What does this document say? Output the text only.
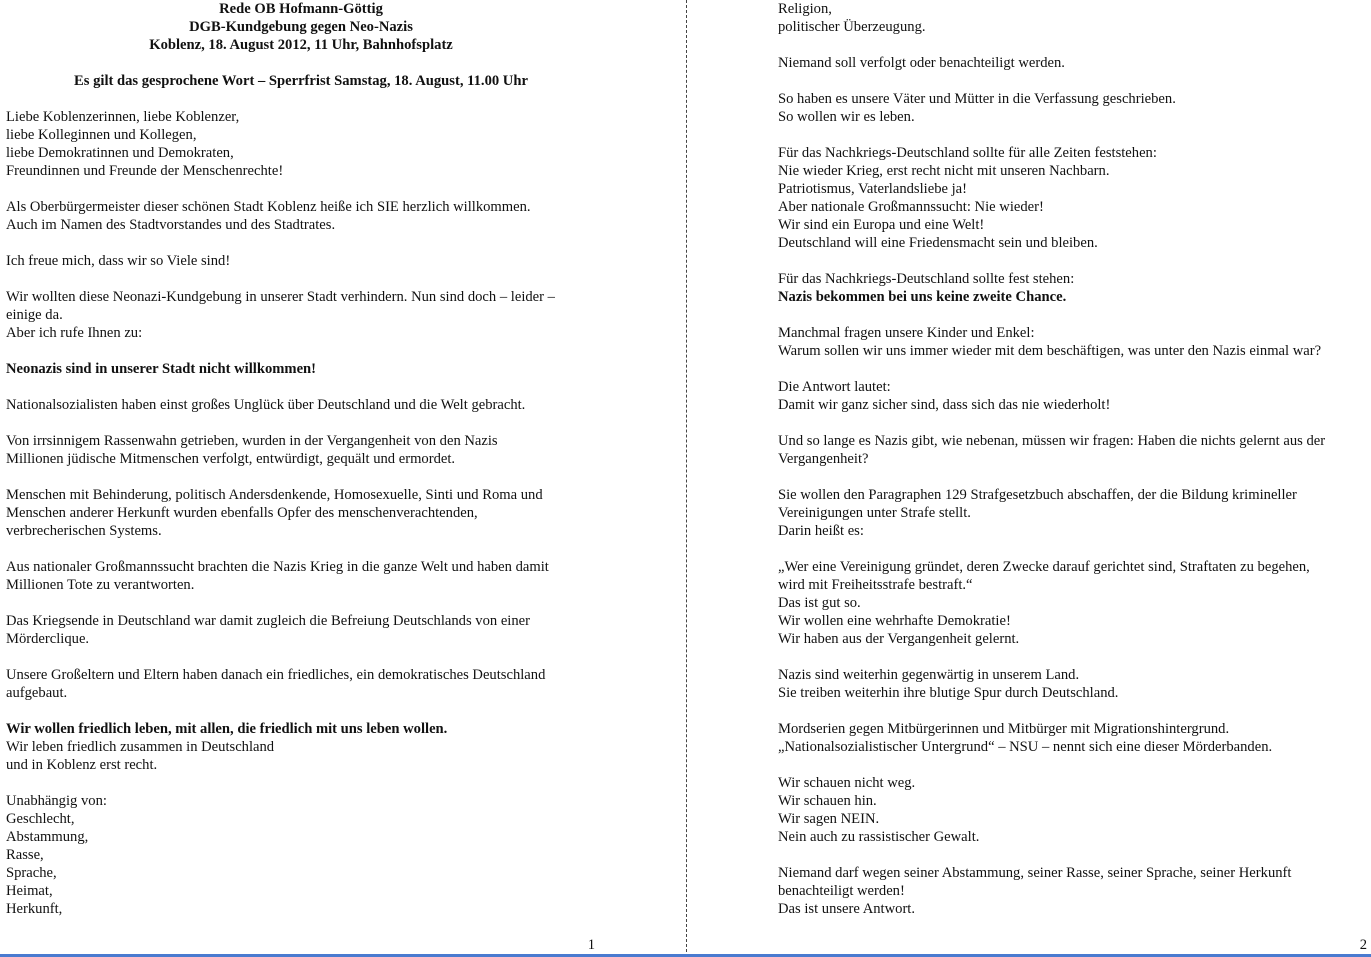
Rede OB Hofmann-Göttig
DGB-Kundgebung gegen Neo-Nazis
Koblenz, 18. August 2012, 11 Uhr, Bahnhofsplatz
Es gilt das gesprochene Wort – Sperrfrist Samstag, 18. August, 11.00 Uhr
Liebe Koblenzerinnen, liebe Koblenzer,
liebe Kolleginnen und Kollegen,
liebe Demokratinnen und Demokraten,
Freundinnen und Freunde der Menschenrechte!
Als Oberbürgermeister dieser schönen Stadt Koblenz heiße ich SIE herzlich willkommen.
Auch im Namen des Stadtvorstandes und des Stadtrates.
Ich freue mich, dass wir so Viele sind!
Wir wollten diese Neonazi-Kundgebung in unserer Stadt verhindern. Nun sind doch – leider –
einige da.
Aber ich rufe Ihnen zu:
Neonazis sind in unserer Stadt nicht willkommen!
Nationalsozialisten haben einst großes Unglück über Deutschland und die Welt gebracht.
Von irrsinnigem Rassenwahn getrieben, wurden in der Vergangenheit von den Nazis
Millionen jüdische Mitmenschen verfolgt, entwürdigt, gequält und ermordet.
Menschen mit Behinderung, politisch Andersdenkende, Homosexuelle, Sinti und Roma und
Menschen anderer Herkunft wurden ebenfalls Opfer des menschenverachtenden,
verbrecherischen Systems.
Aus nationaler Großmannssucht brachten die Nazis Krieg in die ganze Welt und haben damit
Millionen Tote zu verantworten.
Das Kriegsende in Deutschland war damit zugleich die Befreiung Deutschlands von einer
Mörderclique.
Unsere Großeltern und Eltern haben danach ein friedliches, ein demokratisches Deutschland
aufgebaut.
Wir wollen friedlich leben, mit allen, die friedlich mit uns leben wollen.
Wir leben friedlich zusammen in Deutschland
und in Koblenz erst recht.
Unabhängig von:
Geschlecht,
Abstammung,
Rasse,
Sprache,
Heimat,
Herkunft,
1
Religion,
politischer Überzeugung.
Niemand soll verfolgt oder benachteiligt werden.
So haben es unsere Väter und Mütter in die Verfassung geschrieben.
So wollen wir es leben.
Für das Nachkriegs-Deutschland sollte für alle Zeiten feststehen:
Nie wieder Krieg, erst recht nicht mit unseren Nachbarn.
Patriotismus, Vaterlandsliebe ja!
Aber nationale Großmannssucht: Nie wieder!
Wir sind ein Europa und eine Welt!
Deutschland will eine Friedensmacht sein und bleiben.
Für das Nachkriegs-Deutschland sollte fest stehen:
Nazis bekommen bei uns keine zweite Chance.
Manchmal fragen unsere Kinder und Enkel:
Warum sollen wir uns immer wieder mit dem beschäftigen, was unter den Nazis einmal war?
Die Antwort lautet:
Damit wir ganz sicher sind, dass sich das nie wiederholt!
Und so lange es Nazis gibt, wie nebenan, müssen wir fragen: Haben die nichts gelernt aus der
Vergangenheit?
Sie wollen den Paragraphen 129 Strafgesetzbuch abschaffen, der die Bildung krimineller
Vereinigungen unter Strafe stellt.
Darin heißt es:
„Wer eine Vereinigung gründet, deren Zwecke darauf gerichtet sind, Straftaten zu begehen,
wird mit Freiheitsstrafe bestraft.“
Das ist gut so.
Wir wollen eine wehrhafte Demokratie!
Wir haben aus der Vergangenheit gelernt.
Nazis sind weiterhin gegenwärtig in unserem Land.
Sie treiben weiterhin ihre blutige Spur durch Deutschland.
Mordserien gegen Mitbürgerinnen und Mitbürger mit Migrationshintergrund.
„Nationalsozialistischer Untergrund“ – NSU – nennt sich eine dieser Mörderbanden.
Wir schauen nicht weg.
Wir schauen hin.
Wir sagen NEIN.
Nein auch zu rassistischer Gewalt.
Niemand darf wegen seiner Abstammung, seiner Rasse, seiner Sprache, seiner Herkunft
benachteiligt werden!
Das ist unsere Antwort.
2
